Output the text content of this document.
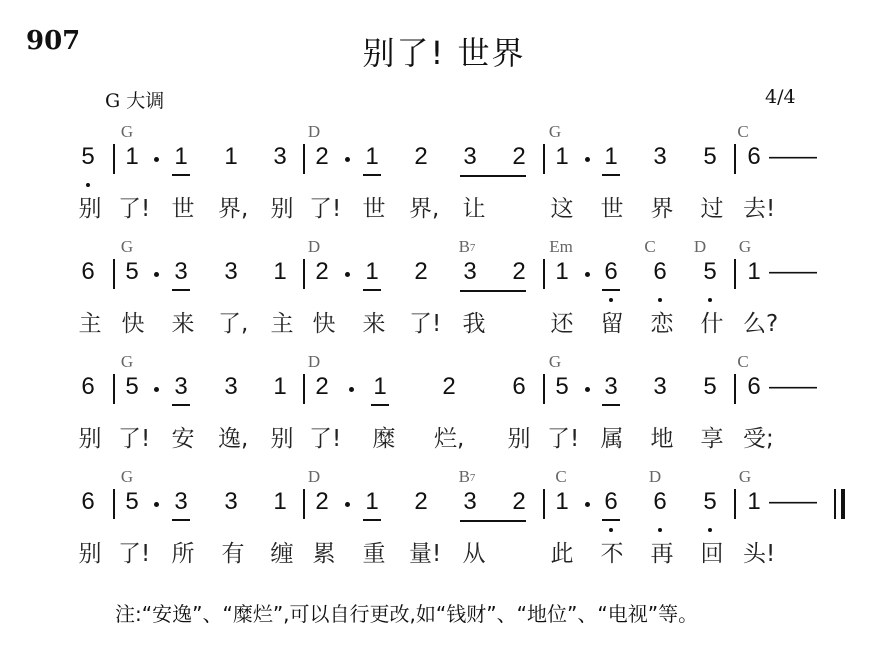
907	别了! 世界
G 大调	4/4
G	D	G	C
5 1 1 1 3 2 1 2 3 2 1 1 3 5 6 — —
别 了! 世 界, 别 了! 世 界, 让	这 世 界 过 去!
G	D	$B_7$	Em	C D G
6 5 3 3 1 2 1 2 3 2 1 6 6 5 1 — —
主 快 来 了, 主 快 来 了! 我	还 留 恋 什 么?
G	D	G	C
6 5 3 3 1 2 1 2 6 5 3 3 5 6 — —
别 了! 安 逸, 别 了! 糜 烂, 别 了! 属 地 享 受;
G	D	$B_7$	C	D	G
6 5 3 3 1 2 1 2 3 2 1 6 6 5 1 — —
别 了! 所 有 缠 累 重 量! 从	此 不 再 回 头!
注:“安逸”、“糜烂”,可以自行更改,如“钱财”、“地位”、“电视”等。
